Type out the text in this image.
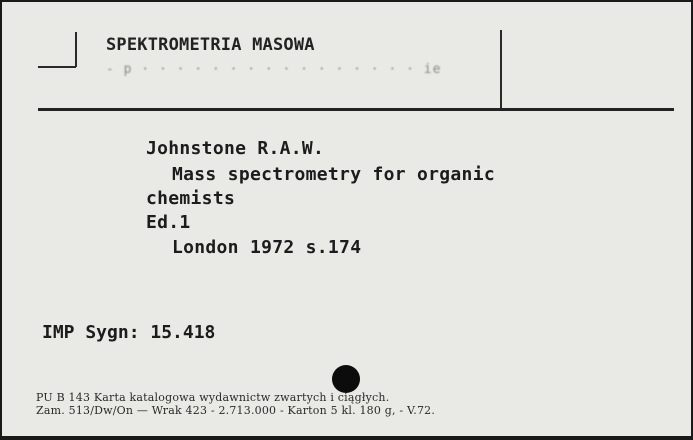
SPEKTROMETRIA MASOWA
- p · · · · · · · · · · · · · · · · ie
Johnstone R.A.W.
Mass spectrometry for organic
chemists
Ed.1
London 1972 s.174
IMP Sygn: 15.418
PU B 143 Karta katalogowa wydawnictw zwartych i ciągłych.
Zam. 513/Dw/On — Wrak 423 - 2.713.000 - Karton 5 kl. 180 g, - V.72.
